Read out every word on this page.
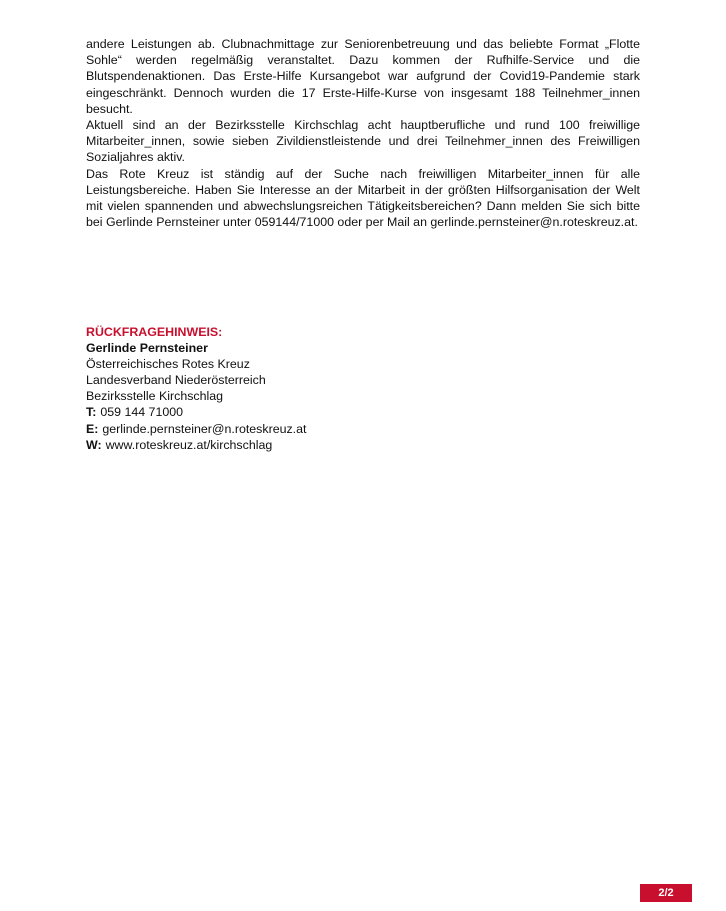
andere Leistungen ab. Clubnachmittage zur Seniorenbetreuung und das beliebte Format „Flotte Sohle“ werden regelmäßig veranstaltet. Dazu kommen der Rufhilfe-Service und die Blutspendenaktionen. Das Erste-Hilfe Kursangebot war aufgrund der Covid19-Pandemie stark eingeschränkt. Dennoch wurden die 17 Erste-Hilfe-Kurse von insgesamt 188 Teilnehmer_innen besucht.

Aktuell sind an der Bezirksstelle Kirchschlag acht hauptberufliche und rund 100 freiwillige Mitarbeiter_innen, sowie sieben Zivildienstleistende und drei Teilnehmer_innen des Freiwilligen Sozialjahres aktiv.

Das Rote Kreuz ist ständig auf der Suche nach freiwilligen Mitarbeiter_innen für alle Leistungsbereiche. Haben Sie Interesse an der Mitarbeit in der größten Hilfsorganisation der Welt mit vielen spannenden und abwechslungsreichen Tätigkeitsbereichen? Dann melden Sie sich bitte bei Gerlinde Pernsteiner unter 059144/71000 oder per Mail an gerlinde.pernsteiner@n.roteskreuz.at.

RÜCKFRAGEHINWEIS:
Gerlinde Pernsteiner
Österreichisches Rotes Kreuz
Landesverband Niederösterreich
Bezirksstelle Kirchschlag
T: 059 144 71000
E: gerlinde.pernsteiner@n.roteskreuz.at
W: www.roteskreuz.at/kirchschlag
2/2
